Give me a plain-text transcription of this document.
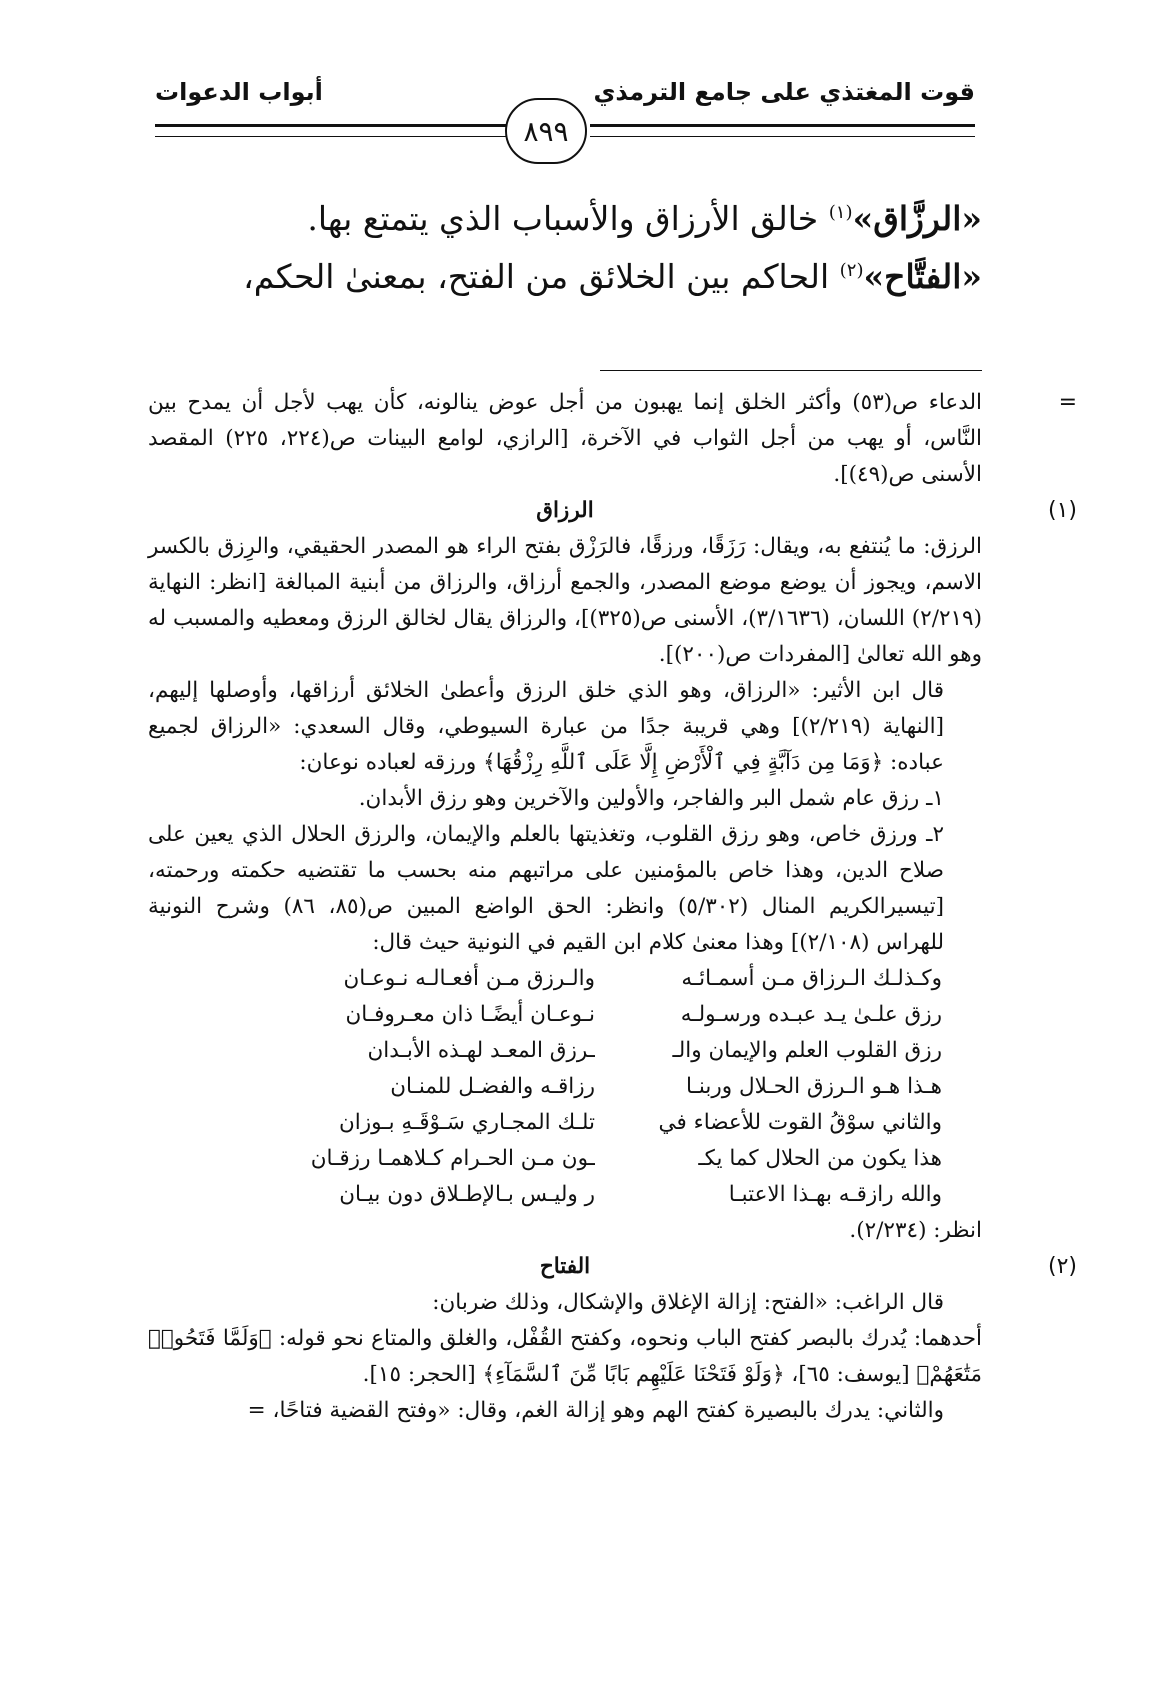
قوت المغتذي على جامع الترمذي
أبواب الدعوات
٨٩٩

«الرزَّاق»$^{(١)}$ خالق الأرزاق والأسباب الذي يتمتع بها.

«الفتَّاح»$^{(٢)}$ الحاكم بين الخلائق من الفتح، بمعنىٰ الحكم،

=

الدعاء ص(٥٣) وأكثر الخلق إنما يهبون من أجل عوض ينالونه، كأن يهب لأجل أن يمدح بين النَّاس، أو يهب من أجل الثواب في الآخرة، [الرازي، لوامع البينات ص(٢٢٤، ٢٢٥) المقصد الأسنى ص(٤٩)].

(١)

الرزاق

الرزق: ما يُنتفع به، ويقال: رَزَقًا، ورزقًا، فالرَزْق بفتح الراء هو المصدر الحقيقي، والرِزق بالكسر الاسم، ويجوز أن يوضع موضع المصدر، والجمع أرزاق، والرزاق من أبنية المبالغة [انظر: النهاية (٢/٢١٩) اللسان، (٣/١٦٣٦)، الأسنى ص(٣٢٥)]، والرزاق يقال لخالق الرزق ومعطيه والمسبب له وهو الله تعالىٰ [المفردات ص(٢٠٠)].

قال ابن الأثير: «الرزاق، وهو الذي خلق الرزق وأعطىٰ الخلائق أرزاقها، وأوصلها إليهم، [النهاية (٢/٢١٩)] وهي قريبة جدًا من عبارة السيوطي، وقال السعدي: «الرزاق لجميع عباده: ﴿وَمَا مِن دَآبَّةٍ فِي ٱلْأَرْضِ إِلَّا عَلَى ٱللَّهِ رِزْقُهَا﴾ ورزقه لعباده نوعان:

١ـ رزق عام شمل البر والفاجر، والأولين والآخرين وهو رزق الأبدان.

٢ـ ورزق خاص، وهو رزق القلوب، وتغذيتها بالعلم والإيمان، والرزق الحلال الذي يعين على صلاح الدين، وهذا خاص بالمؤمنين على مراتبهم منه بحسب ما تقتضيه حكمته ورحمته، [تيسيرالكريم المنال (٥/٣٠٢) وانظر: الحق الواضع المبين ص(٨٥، ٨٦) وشرح النونية للهراس (٢/١٠٨)] وهذا معنىٰ كلام ابن القيم في النونية حيث قال:

وكـذلـك الـرزاق مـن أسمـائـه
والـرزق مـن أفعـالـه نـوعـان
رزق علـىٰ يـد عبـده ورسـولـه
نـوعـان أيضًـا ذان معـروفـان
رزق القلوب العلم والإيمان والـ
ـرزق المعـد لهـذه الأبـدان
هـذا هـو الـرزق الحـلال وربنـا
رزاقـه والفضـل للمنـان
والثاني سوْقُ القوت للأعضاء في
تلـك المجـاري سَـوْقَـهِ بـوزان
هذا يكون من الحلال كما يكـ
ـون مـن الحـرام كـلاهمـا رزقـان
والله رازقـه بهـذا الاعتبـا
ر وليـس بـالإطـلاق دون بيـان

انظر: (٢/٢٣٤).

(٢)

الفتاح

قال الراغب: «الفتح: إزالة الإغلاق والإشكال، وذلك ضربان:

أحدهما: يُدرك بالبصر كفتح الباب ونحوه، وكفتح القُفْل، والغلق والمتاع نحو قوله: ﴿وَلَمَّا فَتَحُوا۟ مَتَٰعَهُمْ﴾ [يوسف: ٦٥]، ﴿وَلَوْ فَتَحْنَا عَلَيْهِم بَابًا مِّنَ ٱلسَّمَآءِ﴾ [الحجر: ١٥].

والثاني: يدرك بالبصيرة كفتح الهم وهو إزالة الغم، وقال: «وفتح القضية فتاحًا، =
